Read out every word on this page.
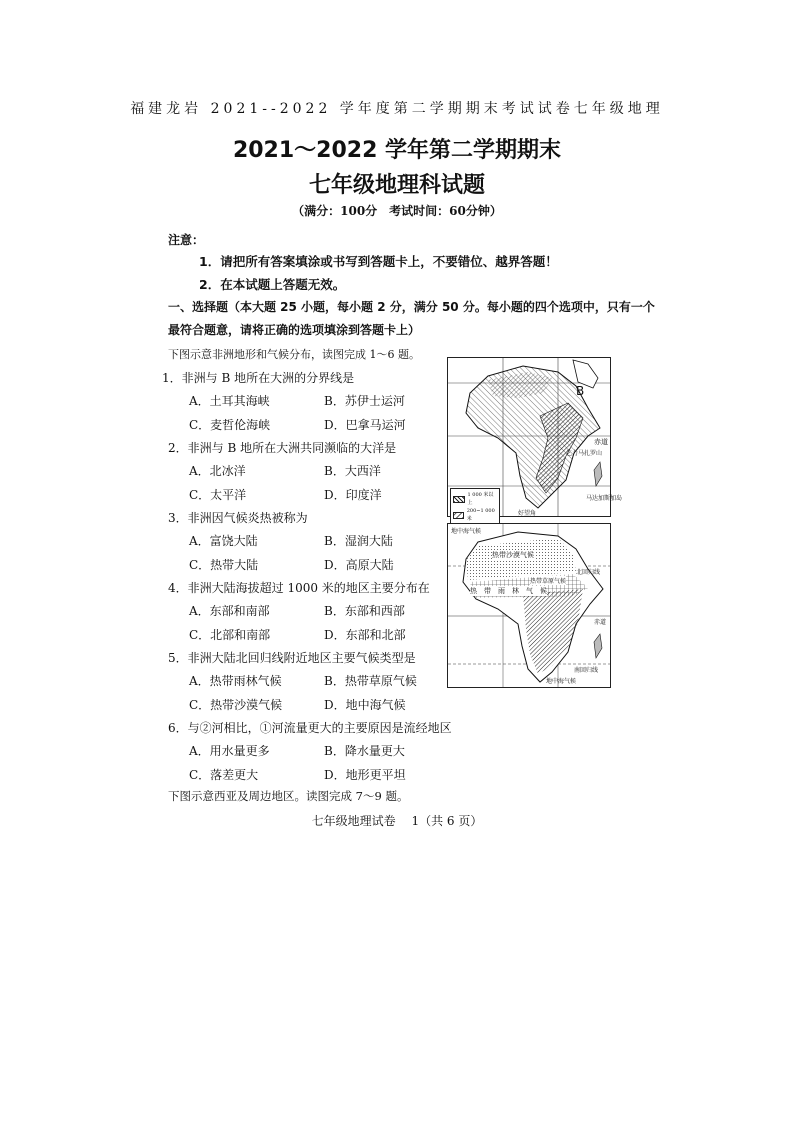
福建龙岩 2021--2022 学年度第二学期期末考试试卷七年级地理
2021～2022 学年第二学期期末
七年级地理科试题
（满分：100分　考试时间：60分钟）
注意：
1．请把所有答案填涂或书写到答题卡上，不要错位、越界答题！
2．在本试题上答题无效。
一、选择题（本大题 25 小题，每小题 2 分，满分 50 分。每小题的四个选项中，只有一个
最符合题意，请将正确的选项填涂到答题卡上）
下图示意非洲地形和气候分布，读图完成 1～6 题。
1．非洲与 B 地所在大洲的分界线是
A．土耳其海峡	B．苏伊士运河
C．麦哲伦海峡	D．巴拿马运河
2．非洲与 B 地所在大洲共同濒临的大洋是
A．北冰洋	B．大西洋
C．太平洋	D．印度洋
3．非洲因气候炎热被称为
A．富饶大陆	B．湿润大陆
C．热带大陆	D．高原大陆
4．非洲大陆海拔超过 1000 米的地区主要分布在
A．东部和南部	B．东部和西部
C．北部和南部	D．东部和北部
5．非洲大陆北回归线附近地区主要气候类型是
A．热带雨林气候	B．热带草原气候
C．热带沙漠气候	D．地中海气候
6．与②河相比，①河流量更大的主要原因是流经地区
A．用水量更多	B．降水量更大
C．落差更大	D．地形更平坦
下图示意西亚及周边地区。读图完成 7～9 题。
七年级地理试卷　 1（共 6 页）
B
赤道
乞力马扎罗山
马达加斯加岛
好望角
1 000 米以上
200~1 000 米
地中海气候
热带沙漠气候
北回归线
热　带　雨　林　气　候
热带草原气候
赤道
南回归线
地中海气候
